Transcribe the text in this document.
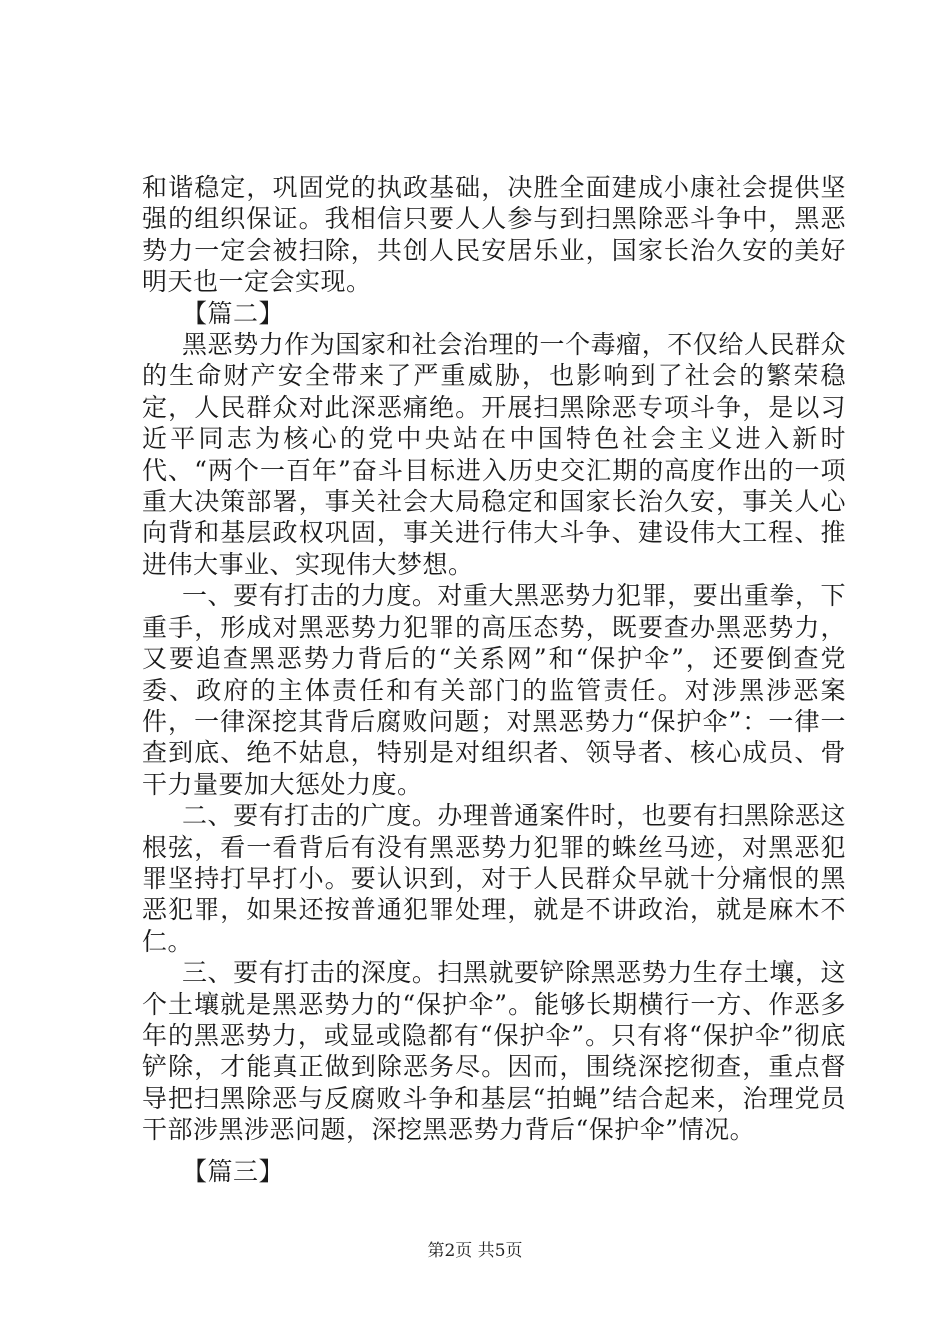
和谐稳定，巩固党的执政基础，决胜全面建成小康社会提供坚强的组织保证。我相信只要人人参与到扫黑除恶斗争中，黑恶势力一定会被扫除，共创人民安居乐业，国家长治久安的美好明天也一定会实现。

【篇二】

黑恶势力作为国家和社会治理的一个毒瘤，不仅给人民群众的生命财产安全带来了严重威胁，也影响到了社会的繁荣稳定，人民群众对此深恶痛绝。开展扫黑除恶专项斗争，是以习近平同志为核心的党中央站在中国特色社会主义进入新时代、“两个一百年”奋斗目标进入历史交汇期的高度作出的一项重大决策部署，事关社会大局稳定和国家长治久安，事关人心向背和基层政权巩固，事关进行伟大斗争、建设伟大工程、推进伟大事业、实现伟大梦想。

一、要有打击的力度。对重大黑恶势力犯罪，要出重拳，下重手，形成对黑恶势力犯罪的高压态势，既要查办黑恶势力，又要追查黑恶势力背后的“关系网”和“保护伞”，还要倒查党委、政府的主体责任和有关部门的监管责任。对涉黑涉恶案件，一律深挖其背后腐败问题；对黑恶势力“保护伞”：一律一查到底、绝不姑息，特别是对组织者、领导者、核心成员、骨干力量要加大惩处力度。

二、要有打击的广度。办理普通案件时，也要有扫黑除恶这根弦，看一看背后有没有黑恶势力犯罪的蛛丝马迹，对黑恶犯罪坚持打早打小。要认识到，对于人民群众早就十分痛恨的黑恶犯罪，如果还按普通犯罪处理，就是不讲政治，就是麻木不仁。

三、要有打击的深度。扫黑就要铲除黑恶势力生存土壤，这个土壤就是黑恶势力的“保护伞”。能够长期横行一方、作恶多年的黑恶势力，或显或隐都有“保护伞”。只有将“保护伞”彻底铲除，才能真正做到除恶务尽。因而，围绕深挖彻查，重点督导把扫黑除恶与反腐败斗争和基层“拍蝇”结合起来，治理党员干部涉黑涉恶问题，深挖黑恶势力背后“保护伞”情况。

【篇三】

第2页 共5页
